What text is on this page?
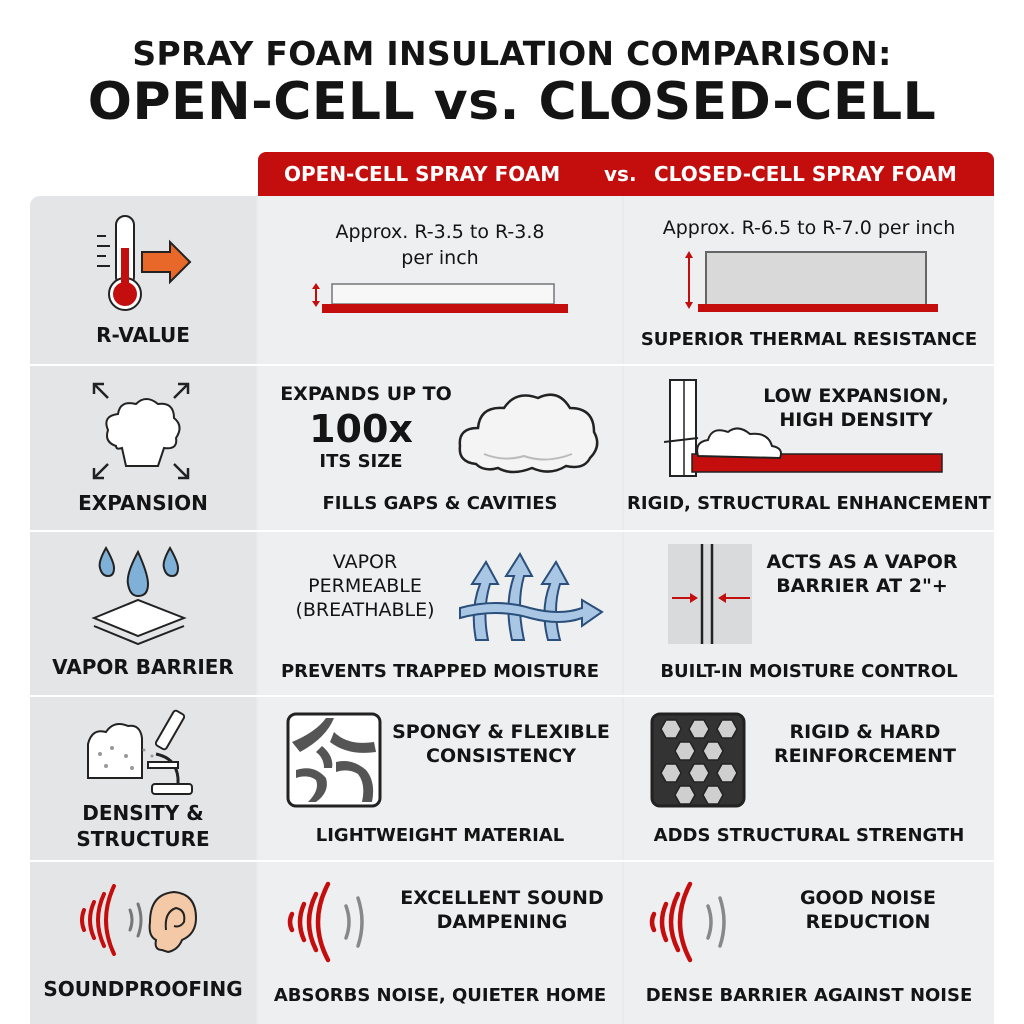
SPRAY FOAM INSULATION COMPARISON:
OPEN-CELL vs. CLOSED-CELL
OPEN-CELL SPRAY FOAM vs. CLOSED-CELL SPRAY FOAM
R-VALUE
Approx. R-3.5 to R-3.8
per inch
Approx. R-6.5 to R-7.0 per inch
SUPERIOR THERMAL RESISTANCE
EXPANSION
EXPANDS UP TO
100x
ITS SIZE
FILLS GAPS & CAVITIES
LOW EXPANSION,
HIGH DENSITY
RIGID, STRUCTURAL ENHANCEMENT
VAPOR BARRIER
VAPOR
PERMEABLE
(BREATHABLE)
PREVENTS TRAPPED MOISTURE
ACTS AS A VAPOR
BARRIER AT 2"+
BUILT-IN MOISTURE CONTROL
DENSITY &
STRUCTURE
SPONGY & FLEXIBLE
CONSISTENCY
LIGHTWEIGHT MATERIAL
RIGID & HARD
REINFORCEMENT
ADDS STRUCTURAL STRENGTH
SOUNDPROOFING
EXCELLENT SOUND
DAMPENING
ABSORBS NOISE, QUIETER HOME
GOOD NOISE
REDUCTION
DENSE BARRIER AGAINST NOISE
